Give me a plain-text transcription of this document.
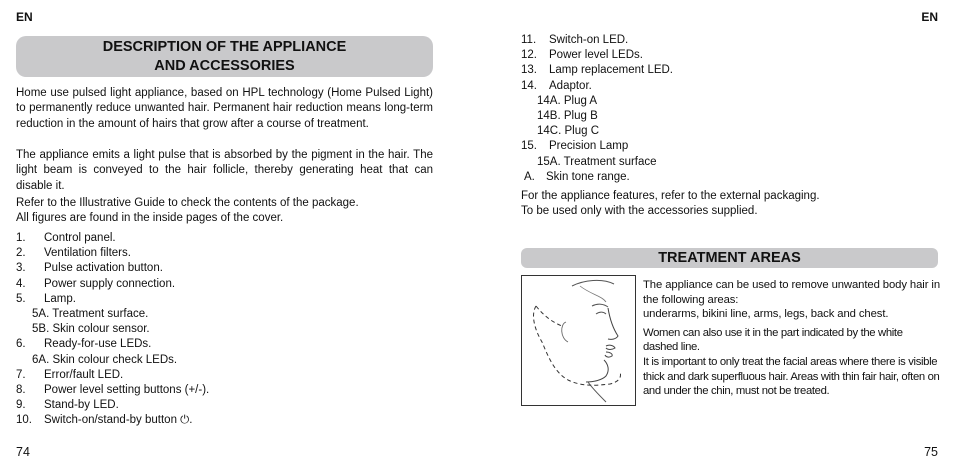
EN
DESCRIPTION OF THE APPLIANCE
AND ACCESSORIES
Home use pulsed light appliance, based on HPL technology (Home Pulsed Light) to permanently reduce unwanted hair. Permanent hair reduction means long-term reduction in the amount of hairs that grow after a course of treatment.
The appliance emits a light pulse that is absorbed by the pigment in the hair. The light beam is conveyed to the hair follicle, thereby generating heat that can disable it.
Refer to the Illustrative Guide to check the contents of the package.
All figures are found in the inside pages of the cover.
1. Control panel.
2. Ventilation filters.
3. Pulse activation button.
4. Power supply connection.
5. Lamp.
5A. Treatment surface.
5B. Skin colour sensor.
6. Ready-for-use LEDs.
6A. Skin colour check LEDs.
7. Error/fault LED.
8. Power level setting buttons (+/-).
9. Stand-by LED.
10. Switch-on/stand-by button ⏻.
74
EN
11. Switch-on LED.
12. Power level LEDs.
13. Lamp replacement LED.
14. Adaptor.
14A. Plug A
14B. Plug B
14C. Plug C
15. Precision Lamp
15A. Treatment surface
A. Skin tone range.
For the appliance features, refer to the external packaging.
To be used only with the accessories supplied.
TREATMENT AREAS
The appliance can be used to remove unwanted body hair in the following areas:
underarms, bikini line, arms, legs, back and chest.
Women can also use it in the part indicated by the white dashed line.
It is important to only treat the facial areas where there is visible thick and dark superfluous hair. Areas with thin fair hair, often on and under the chin, must not be treated.
75
